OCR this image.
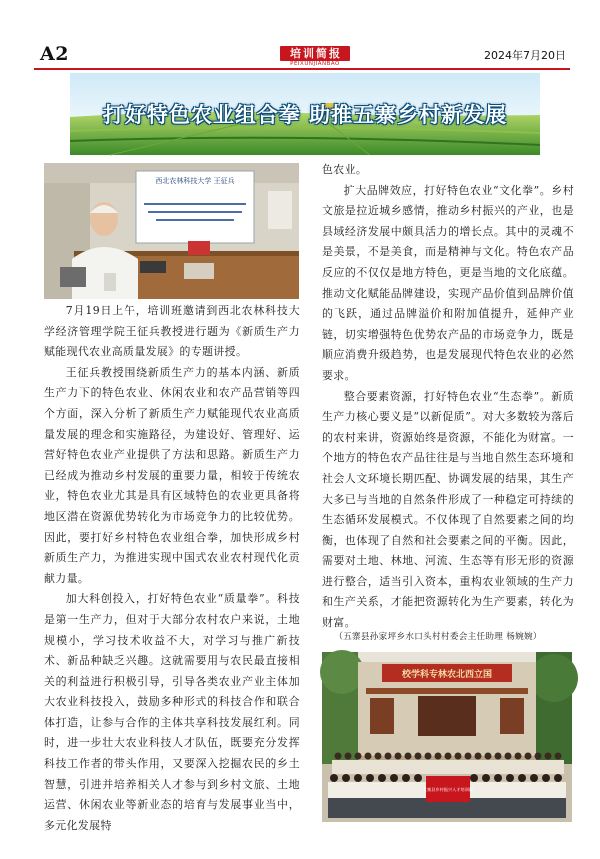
A2	培训简报
PEIXUNJIANBAO
2024年7月20日
打好特色农业组合拳 助推五寨乡村新发展
西北农林科技大学 王征兵

7月19日上午，培训班邀请到西北农林科技大学经济管理学院王征兵教授进行题为《新质生产力赋能现代农业高质量发展》的专题讲授。

王征兵教授围绕新质生产力的基本内涵、新质生产力下的特色农业、休闲农业和农产品营销等四个方面，深入分析了新质生产力赋能现代农业高质量发展的理念和实施路径，为建设好、管理好、运营好特色农业产业提供了方法和思路。新质生产力已经成为推动乡村发展的重要力量，相较于传统农业，特色农业尤其是具有区域特色的农业更具备将地区潜在资源优势转化为市场竞争力的比较优势。因此，要打好乡村特色农业组合拳，加快形成乡村新质生产力，为推进实现中国式农业农村现代化贡献力量。

加大科创投入，打好特色农业“质量拳”。科技是第一生产力，但对于大部分农村农户来说，土地规模小，学习技术收益不大，对学习与推广新技术、新品种缺乏兴趣。这就需要用与农民最直接相关的利益进行积极引导，引导各类农业产业主体加大农业科技投入，鼓励多种形式的科技合作和联合体打造，让参与合作的主体共享科技发展红利。同时，进一步壮大农业科技人才队伍，既要充分发挥科技工作者的带头作用，又要深入挖掘农民的乡土智慧，引进并培养相关人才参与到乡村文旅、土地运营、休闲农业等新业态的培育与发展事业当中，多元化发展特

色农业。

扩大品牌效应，打好特色农业“文化拳”。乡村文旅是拉近城乡感情，推动乡村振兴的产业，也是县域经济发展中颇具活力的增长点。其中的灵魂不是美景，不是美食，而是精神与文化。特色农产品反应的不仅仅是地方特色，更是当地的文化底蕴。推动文化赋能品牌建设，实现产品价值到品牌价值的飞跃，通过品牌溢价和附加值提升，延伸产业链，切实增强特色优势农产品的市场竞争力，既是顺应消费升级趋势，也是发展现代特色农业的必然要求。

整合要素资源，打好特色农业“生态拳”。新质生产力核心要义是“以新促质”。对大多数较为落后的农村来讲，资源始终是资源，不能化为财富。一个地方的特色农产品往往是与当地自然生态环境和社会人文环境长期匹配、协调发展的结果，其生产大多已与当地的自然条件形成了一种稳定可持续的生态循环发展模式。不仅体现了自然要素之间的均衡，也体现了自然和社会要素之间的平衡。因此，需要对土地、林地、河流、生态等有形无形的资源进行整合，适当引入资本，重构农业领域的生产力和生产关系，才能把资源转化为生产要素，转化为财富。

（五寨县孙家坪乡水口头村村委会主任助理 杨婉婉）
校学科专林农北西立国
五寨县乡村振兴人才培训班
